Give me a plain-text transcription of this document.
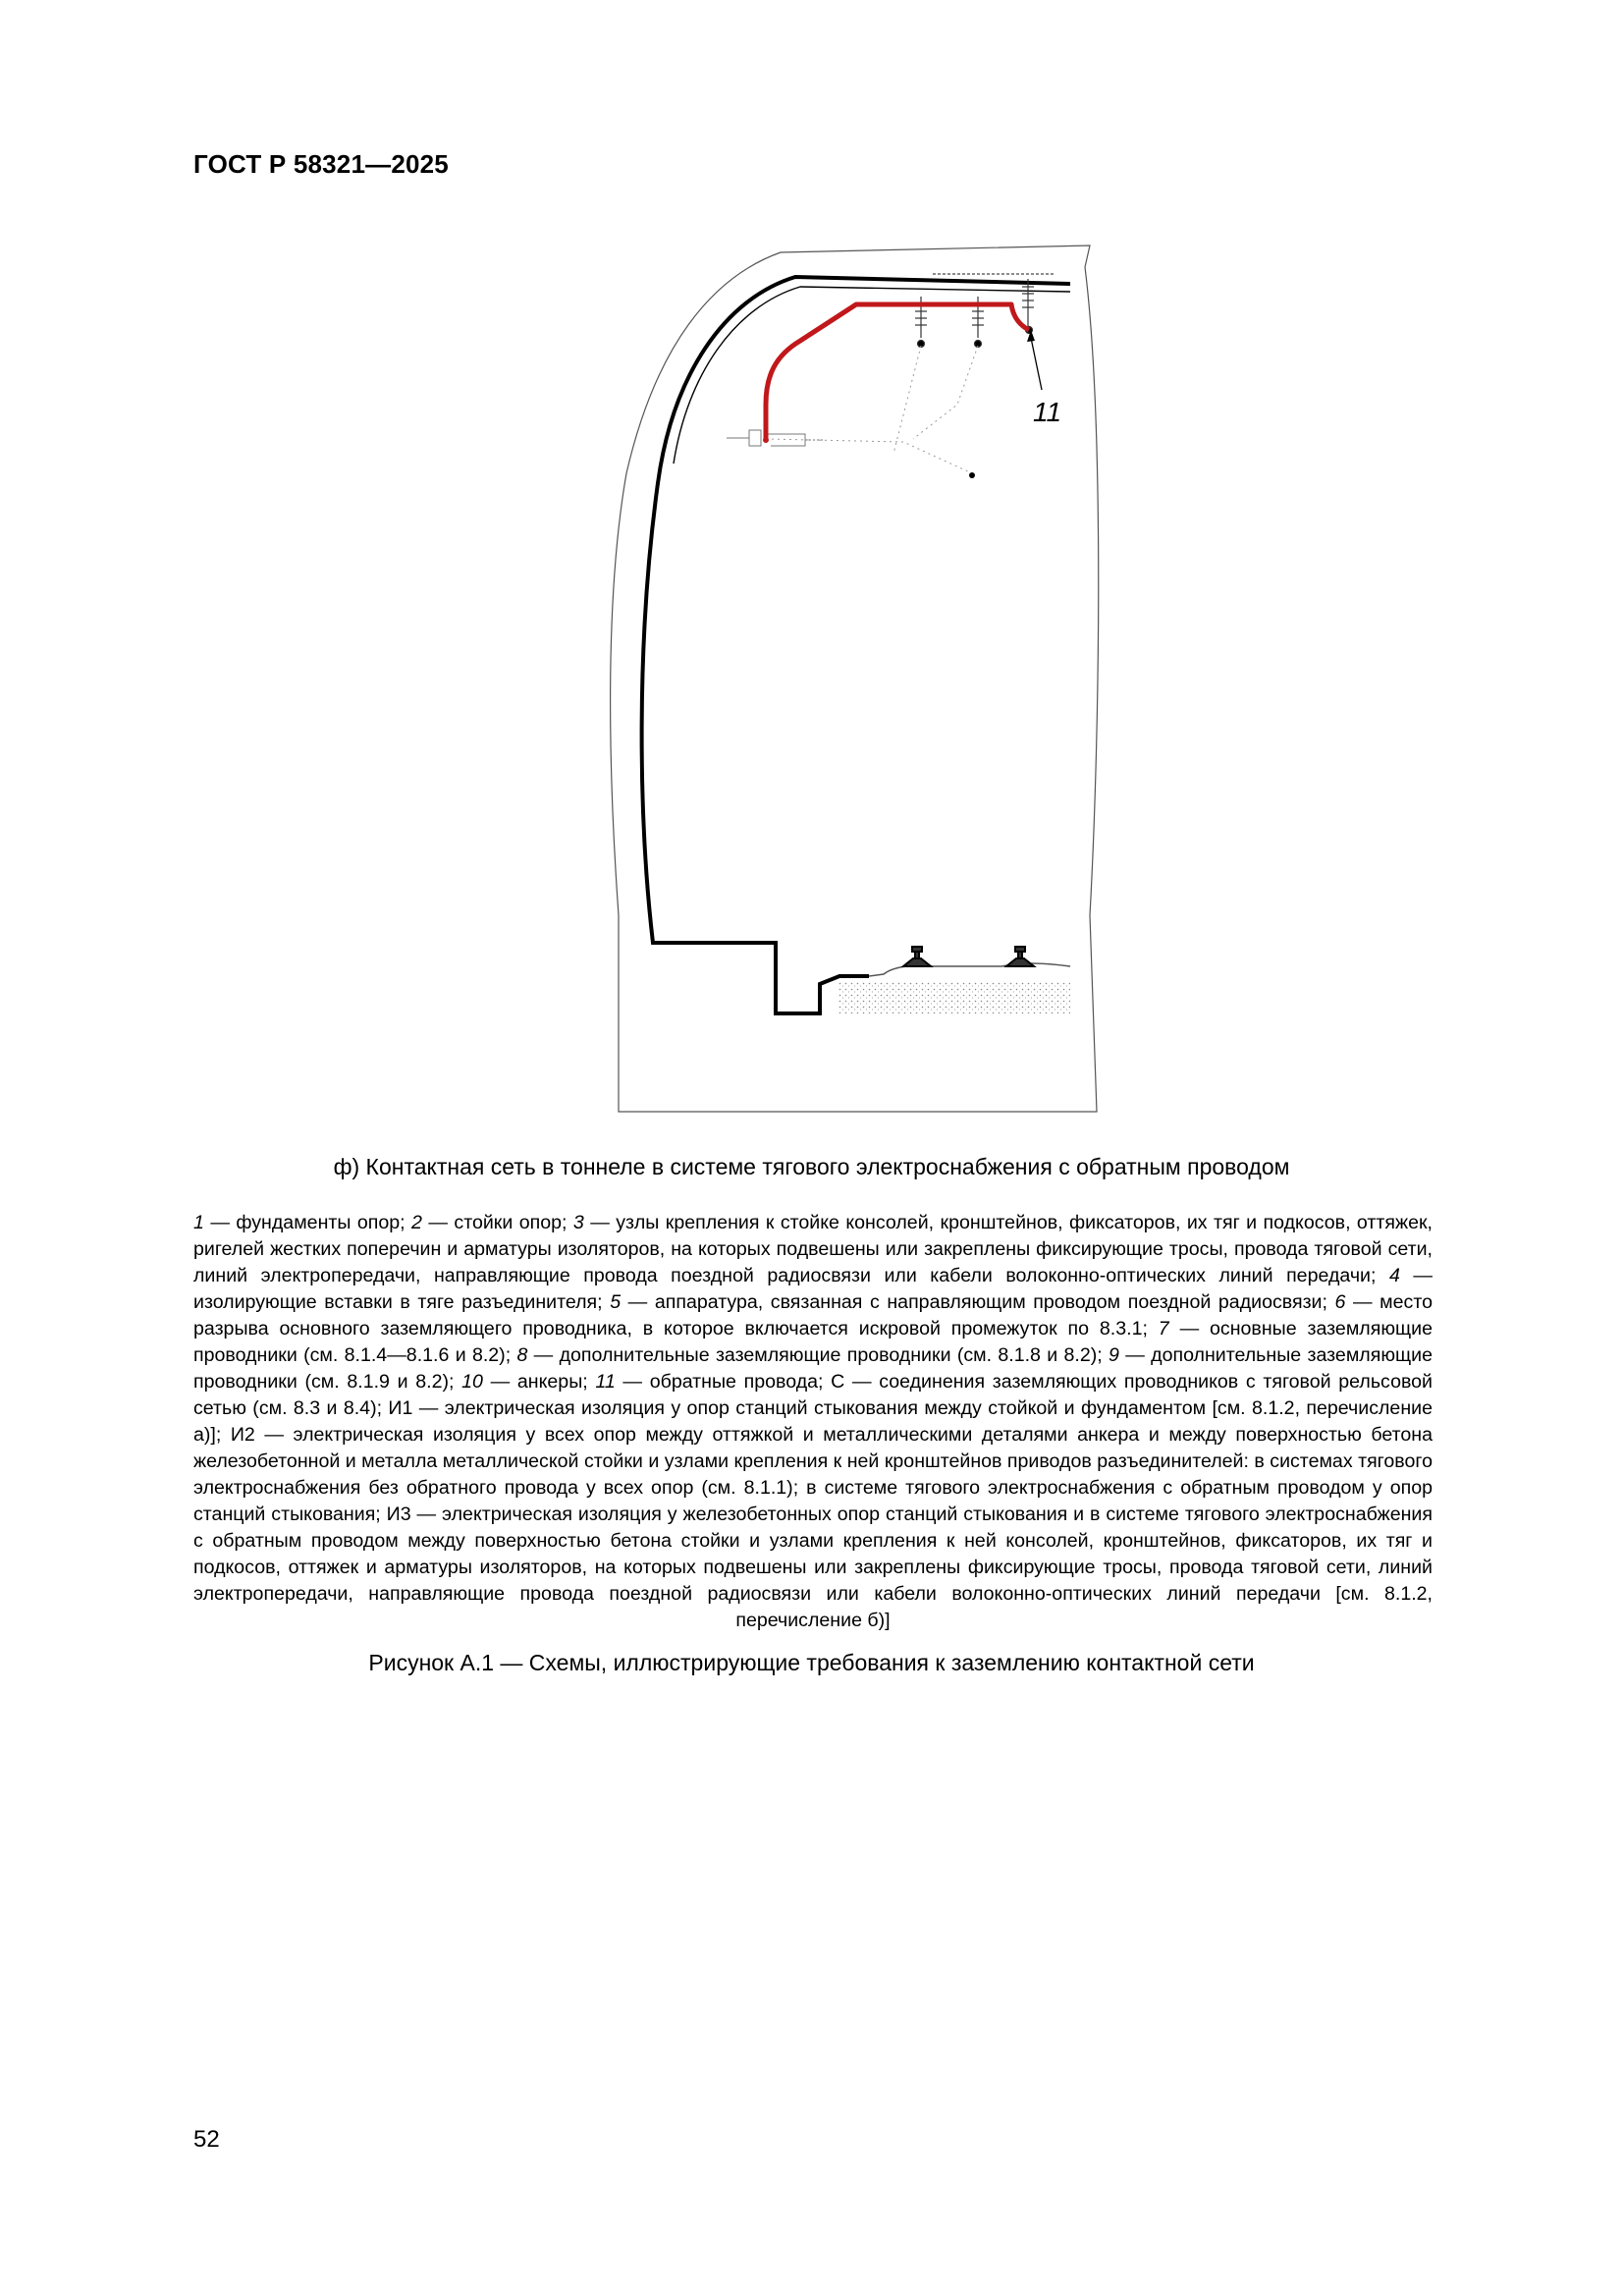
ГОСТ Р 58321—2025
11
ф) Контактная сеть в тоннеле в системе тягового электроснабжения с обратным проводом
1 — фундаменты опор; 2 — стойки опор; 3 — узлы крепления к стойке консолей, кронштейнов, фиксаторов, их тяг и подкосов, оттяжек, ригелей жестких поперечин и арматуры изоляторов, на которых подвешены или закреплены фиксирующие тросы, провода тяговой сети, линий электропередачи, направляющие провода поездной радиосвязи или кабели волоконно-оптических линий передачи; 4 — изолирующие вставки в тяге разъединителя; 5 — аппаратура, связанная с направляющим проводом поездной радиосвязи; 6 — место разрыва основного заземляющего проводника, в которое включается искровой промежуток по 8.3.1; 7 — основные заземляющие проводники (см. 8.1.4—8.1.6 и 8.2); 8 — дополнительные заземляющие проводники (см. 8.1.8 и 8.2); 9 — дополнительные заземляющие проводники (см. 8.1.9 и 8.2); 10 — анкеры; 11 — обратные провода; С — соединения заземляющих проводников с тяговой рельсовой сетью (см. 8.3 и 8.4); И1 — электрическая изоляция у опор станций стыкования между стойкой и фундаментом [см. 8.1.2, перечисление а)]; И2 — электрическая изоляция у всех опор между оттяжкой и металлическими деталями анкера и между поверхностью бетона железобетонной и металла металлической стойки и узлами крепления к ней кронштейнов приводов разъединителей: в системах тягового электроснабжения без обратного провода у всех опор (см. 8.1.1); в системе тягового электроснабжения с обратным проводом у опор станций стыкования; И3 — электрическая изоляция у железобетонных опор станций стыкования и в системе тягового электроснабжения с обратным проводом между поверхностью бетона стойки и узлами крепления к ней консолей, кронштейнов, фиксаторов, их тяг и подкосов, оттяжек и арматуры изоляторов, на которых подвешены или закреплены фиксирующие тросы, провода тяговой сети, линий электропередачи, направляющие провода поездной радиосвязи или кабели волоконно-оптических линий передачи [см. 8.1.2, перечисление б)]
Рисунок А.1 — Схемы, иллюстрирующие требования к заземлению контактной сети
52
